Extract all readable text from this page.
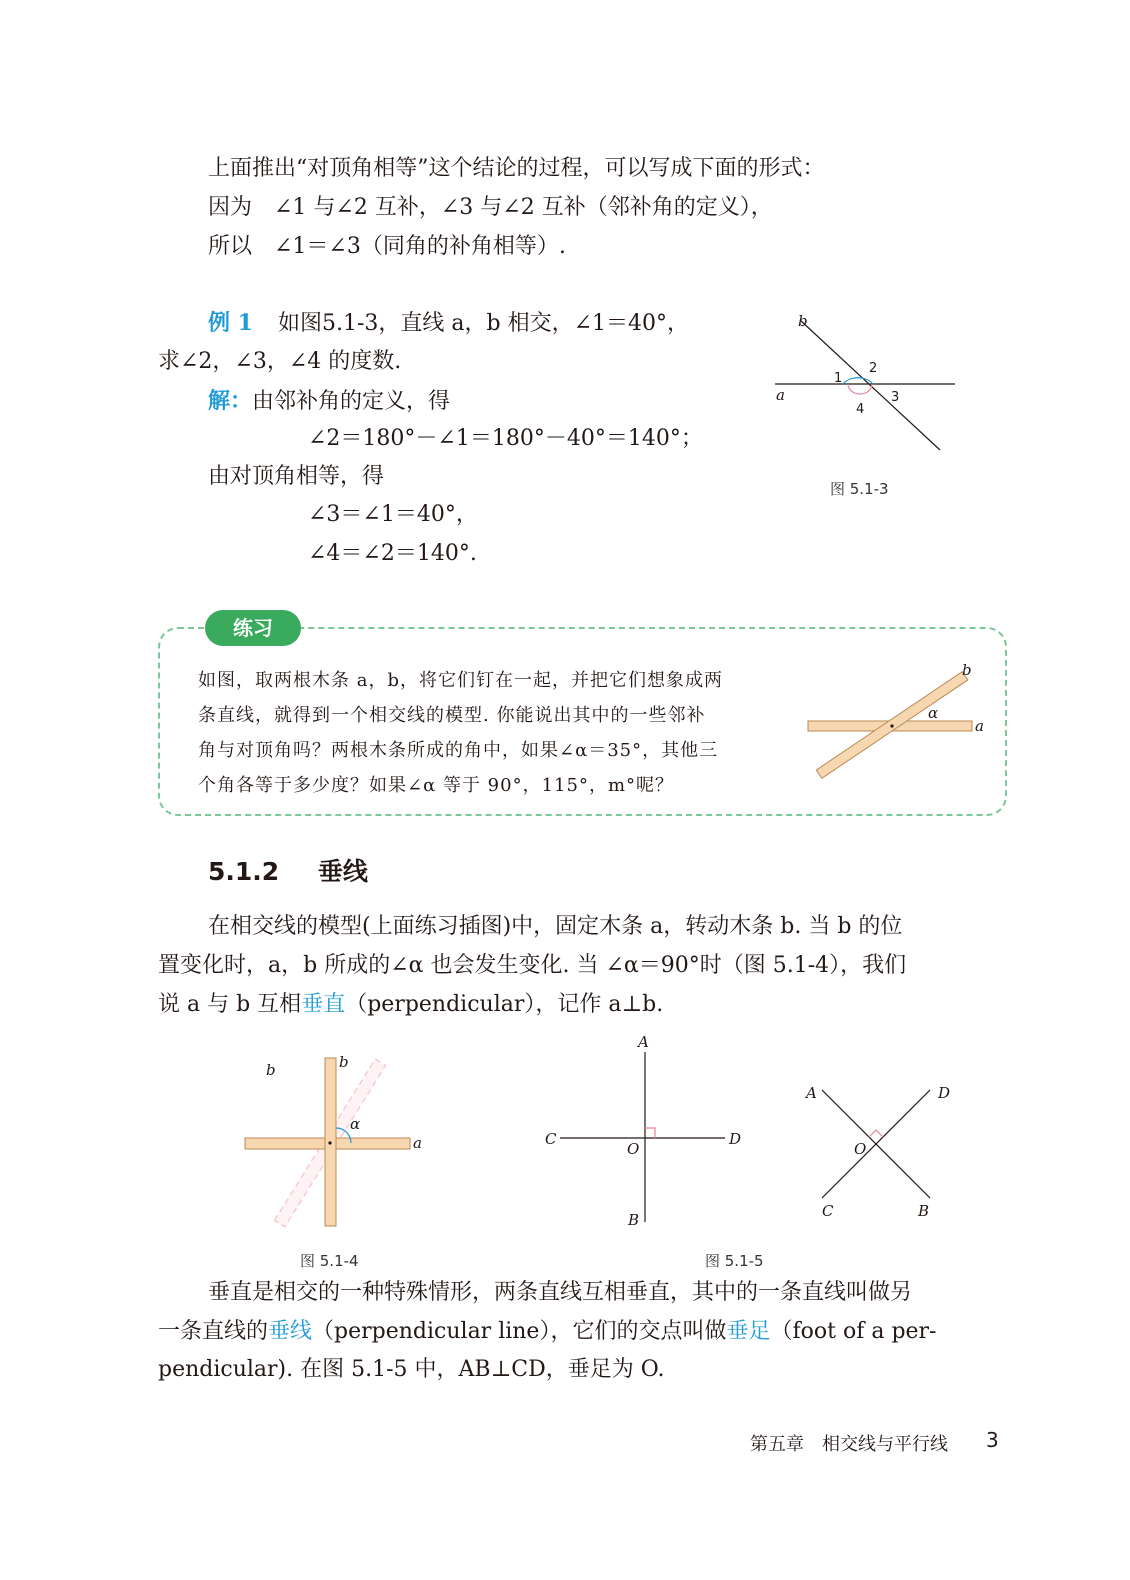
上面推出“对顶角相等”这个结论的过程，可以写成下面的形式：
因为　∠1 与∠2 互补，∠3 与∠2 互补（邻补角的定义），
所以　∠1＝∠3（同角的补角相等）.
例 1 如图5.1-3，直线 a，b 相交，∠1＝40°，
求∠2，∠3，∠4 的度数.
解：由邻补角的定义，得
∠2＝180°－∠1＝180°－40°＝140°；
由对顶角相等，得
∠3＝∠1＝40°，
∠4＝∠2＝140°.
b
a
1
2
3
4
图 5.1-3
练习
如图，取两根木条 a，b，将它们钉在一起，并把它们想象成两
条直线，就得到一个相交线的模型. 你能说出其中的一些邻补
角与对顶角吗？两根木条所成的角中，如果∠α＝35°，其他三
个角各等于多少度？如果∠α 等于 90°，115°，m°呢？
b
a
α
5.1.2 垂线
在相交线的模型(上面练习插图)中，固定木条 a，转动木条 b. 当 b 的位
置变化时，a，b 所成的∠α 也会发生变化. 当 ∠α＝90°时（图 5.1-4），我们
说 a 与 b 互相垂直（perpendicular），记作 a⊥b.
b	b
a
α
图 5.1-4
A
C	D
O
B
A	D
O
C	B
图 5.1-5
垂直是相交的一种特殊情形，两条直线互相垂直，其中的一条直线叫做另
一条直线的垂线（perpendicular line），它们的交点叫做垂足（foot of a per-
pendicular). 在图 5.1-5 中，AB⊥CD，垂足为 O.
第五章　相交线与平行线 3
